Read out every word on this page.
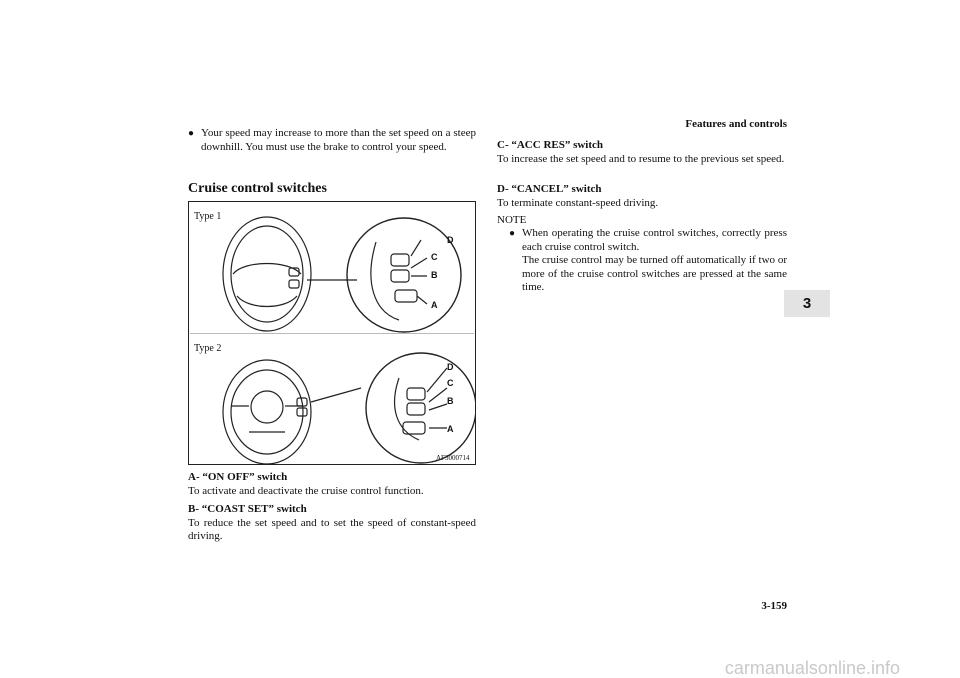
Features and controls
3
● Your speed may increase to more than the set speed on a steep downhill. You must use the brake to control your speed.
Cruise control switches
Type 1
Type 2
AF3000714
D
C
B
A
D
C
B
A
A- “ON OFF” switch
To activate and deactivate the cruise control function.
B- “COAST SET” switch
To reduce the set speed and to set the speed of constant-speed driving.
C- “ACC RES” switch
To increase the set speed and to resume to the previous set speed.
D- “CANCEL” switch
To terminate constant-speed driving.
NOTE
● When operating the cruise control switches, correctly press each cruise control switch.
The cruise control may be turned off automatically if two or more of the cruise control switches are pressed at the same time.
3-159
carmanualsonline.info
